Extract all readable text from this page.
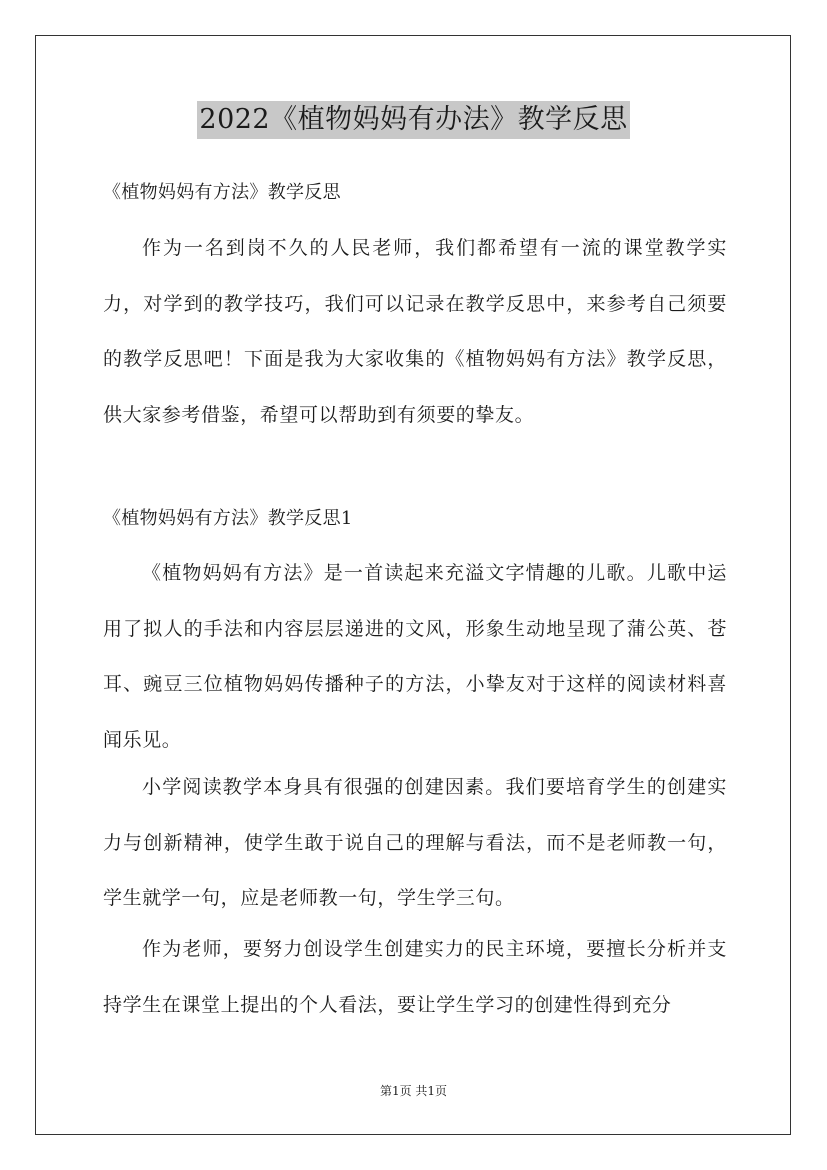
2022《植物妈妈有办法》教学反思

《植物妈妈有方法》教学反思

作为一名到岗不久的人民老师，我们都希望有一流的课堂教学实力，对学到的教学技巧，我们可以记录在教学反思中，来参考自己须要的教学反思吧！下面是我为大家收集的《植物妈妈有方法》教学反思，供大家参考借鉴，希望可以帮助到有须要的挚友。

《植物妈妈有方法》教学反思1

《植物妈妈有方法》是一首读起来充溢文字情趣的儿歌。儿歌中运用了拟人的手法和内容层层递进的文风，形象生动地呈现了蒲公英、苍耳、豌豆三位植物妈妈传播种子的方法，小挚友对于这样的阅读材料喜闻乐见。

小学阅读教学本身具有很强的创建因素。我们要培育学生的创建实力与创新精神，使学生敢于说自己的理解与看法，而不是老师教一句，学生就学一句，应是老师教一句，学生学三句。

作为老师，要努力创设学生创建实力的民主环境，要擅长分析并支持学生在课堂上提出的个人看法，要让学生学习的创建性得到充分

第1页 共1页
